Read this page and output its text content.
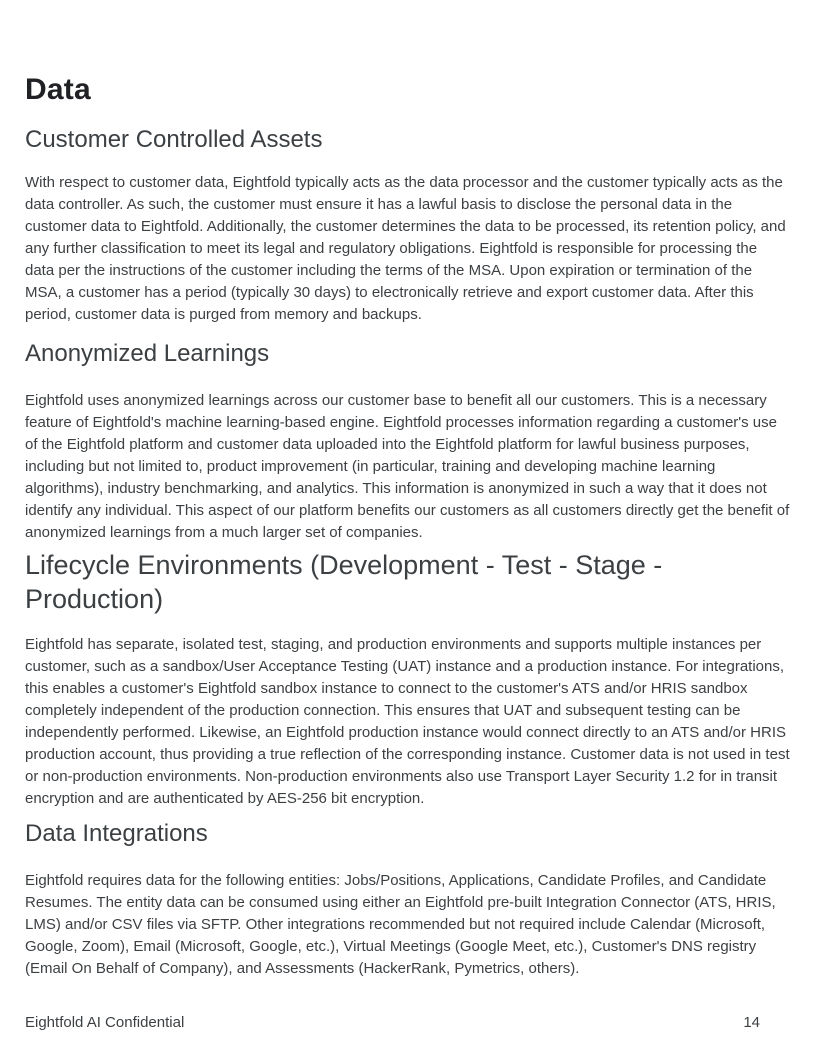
Data
Customer Controlled Assets

With respect to customer data, Eightfold typically acts as the data processor and the customer typically acts as the data controller. As such, the customer must ensure it has a lawful basis to disclose the personal data in the customer data to Eightfold. Additionally, the customer determines the data to be processed, its retention policy, and any further classification to meet its legal and regulatory obligations. Eightfold is responsible for processing the data per the instructions of the customer including the terms of the MSA. Upon expiration or termination of the MSA, a customer has a period (typically 30 days) to electronically retrieve and export customer data. After this period, customer data is purged from memory and backups.

Anonymized Learnings

Eightfold uses anonymized learnings across our customer base to benefit all our customers. This is a necessary feature of Eightfold's machine learning-based engine. Eightfold processes information regarding a customer's use of the Eightfold platform and customer data uploaded into the Eightfold platform for lawful business purposes, including but not limited to, product improvement (in particular, training and developing machine learning algorithms), industry benchmarking, and analytics. This information is anonymized in such a way that it does not identify any individual. This aspect of our platform benefits our customers as all customers directly get the benefit of anonymized learnings from a much larger set of companies.

Lifecycle Environments (Development - Test - Stage - Production)

Eightfold has separate, isolated test, staging, and production environments and supports multiple instances per customer, such as a sandbox/User Acceptance Testing (UAT) instance and a production instance. For integrations, this enables a customer's Eightfold sandbox instance to connect to the customer's ATS and/or HRIS sandbox completely independent of the production connection. This ensures that UAT and subsequent testing can be independently performed. Likewise, an Eightfold production instance would connect directly to an ATS and/or HRIS production account, thus providing a true reflection of the corresponding instance. Customer data is not used in test or non-production environments. Non-production environments also use Transport Layer Security 1.2 for in transit encryption and are authenticated by AES-256 bit encryption.

Data Integrations

Eightfold requires data for the following entities: Jobs/Positions, Applications, Candidate Profiles, and Candidate Resumes. The entity data can be consumed using either an Eightfold pre-built Integration Connector (ATS, HRIS, LMS) and/or CSV files via SFTP. Other integrations recommended but not required include Calendar (Microsoft, Google, Zoom), Email (Microsoft, Google, etc.), Virtual Meetings (Google Meet, etc.), Customer's DNS registry (Email On Behalf of Company), and Assessments (HackerRank, Pymetrics, others).

Eightfold AI Confidential	14
